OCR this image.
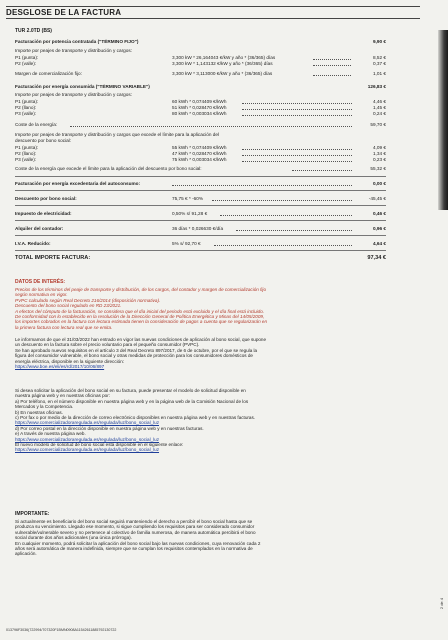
2 de 4
DESGLOSE DE LA FACTURA
TUR 2.0TD (BS)
Facturación por potencia contratada ("TÉRMINO FIJO")	9,90 €
Importe por peajes de transporte y distribución y cargos:
P1 (punta):	3,300 kW * 26,164043 €/kW y año * (36/365) días	8,52 €
P2 (valle):	3,300 kW * 1,143132 €/kW y año * (36/365) días	0,37 €
Margen de comercialización fijo:	3,300 kW * 3,113000 €/kW y año * (36/365) días	1,01 €
Facturación por energía consumida ("TÉRMINO VARIABLE")	126,83 €
Importe por peajes de transporte y distribución y cargos:
P1 (punta):	60 kWh * 0,074409 €/kWh	4,46 €
P2 (llano):	51 kWh * 0,028470 €/kWh	1,45 €
P3 (valle):	80 kWh * 0,003034 €/kWh	0,24 €
Coste de la energía:	59,70 €
Importe por peajes de transporte y distribución y cargos que excede el límite para la aplicación del
descuento por bono social:
P1 (punta):	55 kWh * 0,074409 €/kWh	4,09 €
P2 (llano):	47 kWh * 0,028470 €/kWh	1,34 €
P3 (valle):	75 kWh * 0,003034 €/kWh	0,23 €
Coste de la energía que excede el límite para la aplicación del descuento por bono social:	55,32 €
Facturación por energía excedentaria del autoconsumo:	0,00 €
Descuento por bono social:	75,75 € * -60%	-45,45 €
Impuesto de electricidad:	0,50% s/ 91,28 €	0,46 €
Alquiler del contador:	36 días * 0,026630 €/día	0,96 €
I.V.A. Reducido:	5% s/ 92,70 €	4,64 €
TOTAL IMPORTE FACTURA:	97,34 €
DATOS DE INTERÉS:
Precios de los términos del peaje de transporte y distribución, de los cargos, del contador y margen de comercialización fijo
según normativa en vigor.
PVPC calculado según Real Decreto 216/2014 (disposición normativa).
Descuento del bono social regulado en RD 23/2021.
A efectos del cómputo de la facturación, se considera que el día inicial del periodo está excluido y el día final está incluido.
De conformidad con lo establecido en la resolución de la Dirección General de Política Energética y Minas del 14/05/2009,
los importes cobrados en la factura con lectura estimada tienen la consideración de pagos a cuenta que se regularizarán en
la primera factura con lectura real que se emita.
Le informamos de que el 31/03/2022 han entrado en vigor las nuevas condiciones de aplicación al bono social, que supone
un descuento en la factura sobre el precio voluntario para el pequeño consumidor (PVPC).
Se han aprobado nuevos requisitos en el artículo 3 del Real Decreto 897/2017, de 6 de octubre, por el que se regula la
figura del consumidor vulnerable, el bono social y otras medidas de protección para los consumidores domésticos de
energía eléctrica, disponible en la siguiente dirección:
https://www.boe.es/eli/es/rd/2017/10/06/897
Si desea solicitar la aplicación del bono social en su factura, puede presentar el modelo de solicitud disponible en
nuestra página web y en nuestras oficinas por:
a) Por teléfono, en el número disponible en nuestra página web y en la página web de la Comisión Nacional de los
Mercados y la Competencia.
b) En nuestras oficinas.
c) Por fax o por medio de la dirección de correo electrónico disponibles en nuestra página web y en nuestras facturas.
https://www.comercializadorareguladа.es/regulada/luz/bono_social_luz
d) Por correo postal en la dirección disponible en nuestra página web y en nuestras facturas.
e) A través de nuestra página web.
https://www.comercializadorareguladа.es/regulada/luz/bono_social_luz
El nuevo modelo de solicitud de bono social está disponible en el siguiente enlace:
https://www.comercializadorareguladа.es/regulada/luz/bono_social_luz
IMPORTANTE:
Si actualmente es beneficiario del bono social seguirá manteniendo el derecho a percibir el bono social hasta que se
produzca su vencimiento. Llegado ese momento, si sigue cumpliendo los requisitos para ser considerado consumidor
vulnerable/vulnerable severo y no pertenece al colectivo de familia numerosa, de manera automática percibirá el bono
social durante dos años adicionales (una única prórroga).
En cualquier momento, podrá solicitar la aplicación del bono social bajo las nuevas condiciones, cuya renovación cada 2
años será automática de manera indefinida, siempre que se cumplan los requisitos contemplados en la normativa de
aplicación.
013796F3036(722994/707320F1BMN0908A11542611885792130722
